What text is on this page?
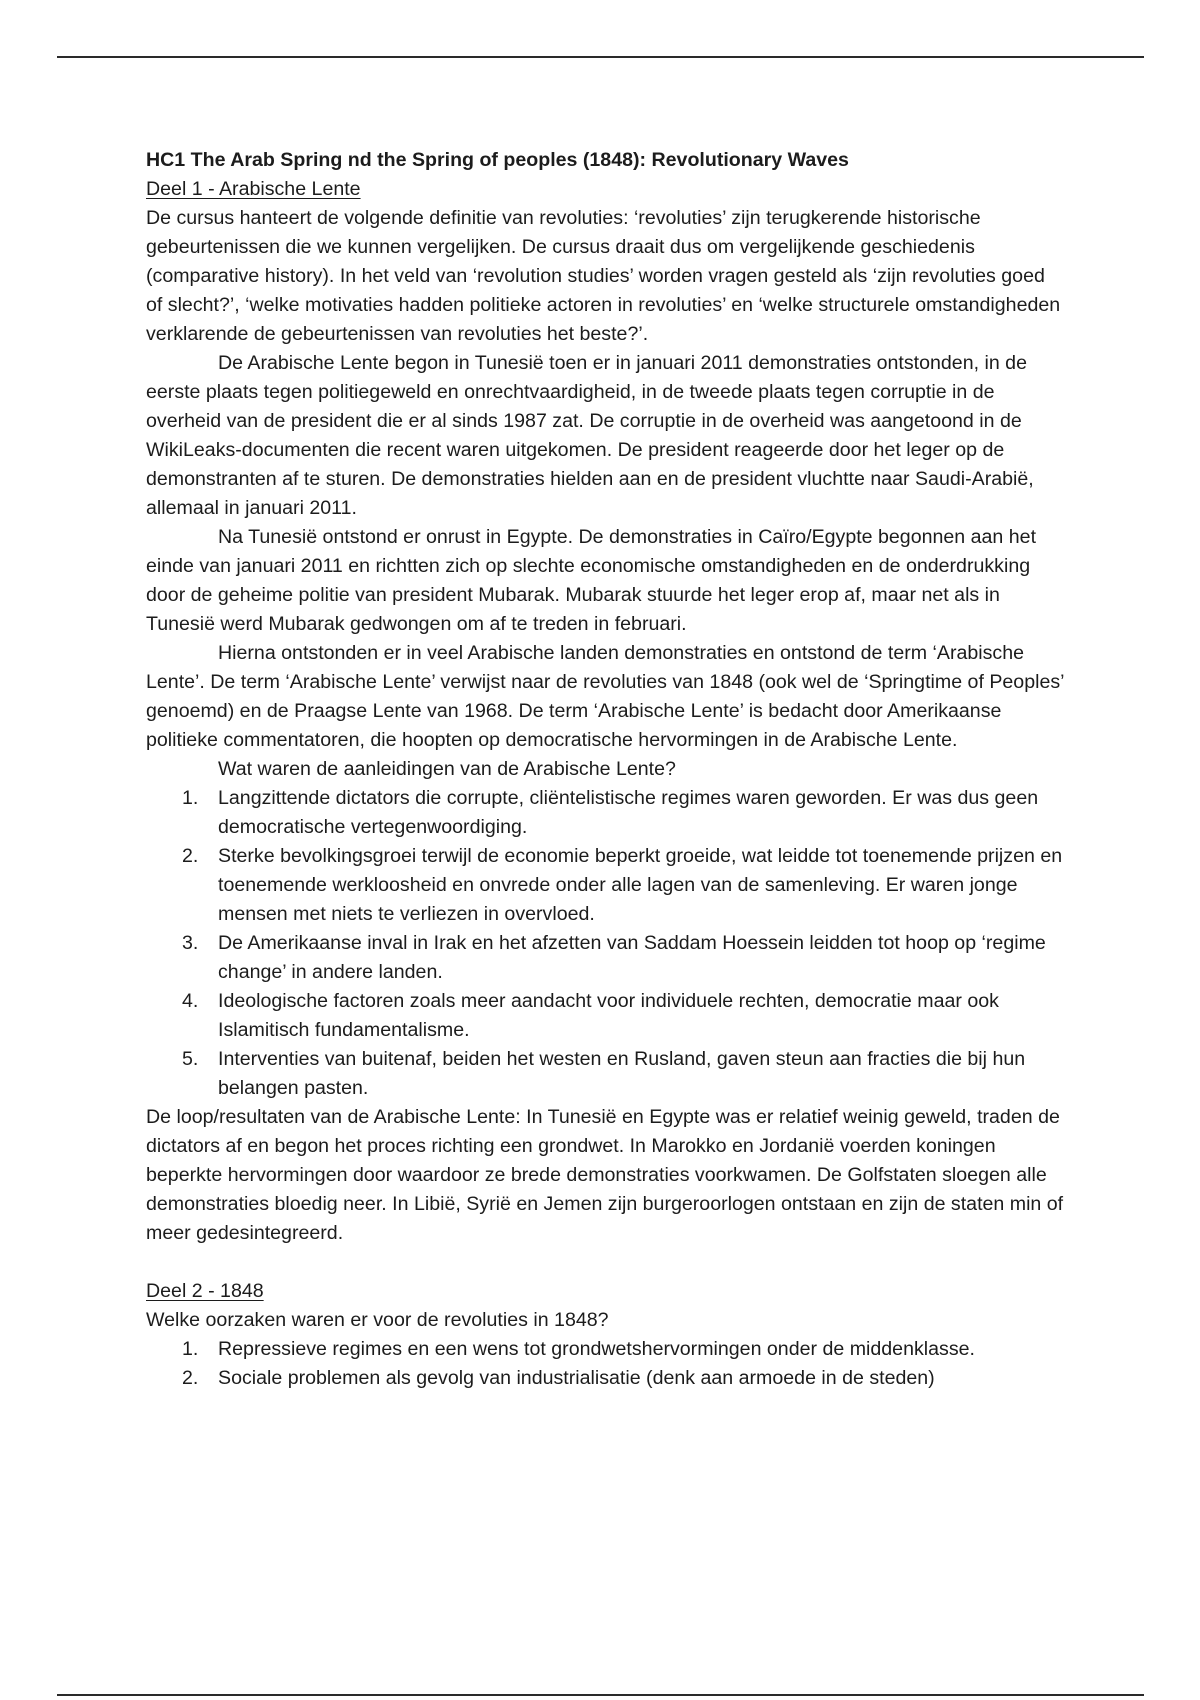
HC1 The Arab Spring nd the Spring of peoples (1848): Revolutionary Waves

Deel 1 - Arabische Lente

De cursus hanteert de volgende definitie van revoluties: ‘revoluties’ zijn terugkerende historische gebeurtenissen die we kunnen vergelijken. De cursus draait dus om vergelijkende geschiedenis (comparative history). In het veld van ‘revolution studies’ worden vragen gesteld als ‘zijn revoluties goed of slecht?’, ‘welke motivaties hadden politieke actoren in revoluties’ en ‘welke structurele omstandigheden verklarende de gebeurtenissen van revoluties het beste?’.

De Arabische Lente begon in Tunesië toen er in januari 2011 demonstraties ontstonden, in de eerste plaats tegen politiegeweld en onrechtvaardigheid, in de tweede plaats tegen corruptie in de overheid van de president die er al sinds 1987 zat. De corruptie in de overheid was aangetoond in de WikiLeaks-documenten die recent waren uitgekomen. De president reageerde door het leger op de demonstranten af te sturen. De demonstraties hielden aan en de president vluchtte naar Saudi-Arabië, allemaal in januari 2011.

Na Tunesië ontstond er onrust in Egypte. De demonstraties in Caïro/Egypte begonnen aan het einde van januari 2011 en richtten zich op slechte economische omstandigheden en de onderdrukking door de geheime politie van president Mubarak. Mubarak stuurde het leger erop af, maar net als in Tunesië werd Mubarak gedwongen om af te treden in februari.

Hierna ontstonden er in veel Arabische landen demonstraties en ontstond de term ‘Arabische Lente’. De term ‘Arabische Lente’ verwijst naar de revoluties van 1848 (ook wel de ‘Springtime of Peoples’ genoemd) en de Praagse Lente van 1968. De term ‘Arabische Lente’ is bedacht door Amerikaanse politieke commentatoren, die hoopten op democratische hervormingen in de Arabische Lente.

Wat waren de aanleidingen van de Arabische Lente?

1. Langzittende dictators die corrupte, cliëntelistische regimes waren geworden. Er was dus geen democratische vertegenwoordiging.
2. Sterke bevolkingsgroei terwijl de economie beperkt groeide, wat leidde tot toenemende prijzen en toenemende werkloosheid en onvrede onder alle lagen van de samenleving. Er waren jonge mensen met niets te verliezen in overvloed.
3. De Amerikaanse inval in Irak en het afzetten van Saddam Hoessein leidden tot hoop op ‘regime change’ in andere landen.
4. Ideologische factoren zoals meer aandacht voor individuele rechten, democratie maar ook Islamitisch fundamentalisme.
5. Interventies van buitenaf, beiden het westen en Rusland, gaven steun aan fracties die bij hun belangen pasten.

De loop/resultaten van de Arabische Lente: In Tunesië en Egypte was er relatief weinig geweld, traden de dictators af en begon het proces richting een grondwet. In Marokko en Jordanië voerden koningen beperkte hervormingen door waardoor ze brede demonstraties voorkwamen. De Golfstaten sloegen alle demonstraties bloedig neer. In Libië, Syrië en Jemen zijn burgeroorlogen ontstaan en zijn de staten min of meer gedesintegreerd.

Deel 2 - 1848

Welke oorzaken waren er voor de revoluties in 1848?

1. Repressieve regimes en een wens tot grondwetshervormingen onder de middenklasse.
2. Sociale problemen als gevolg van industrialisatie (denk aan armoede in de steden)
